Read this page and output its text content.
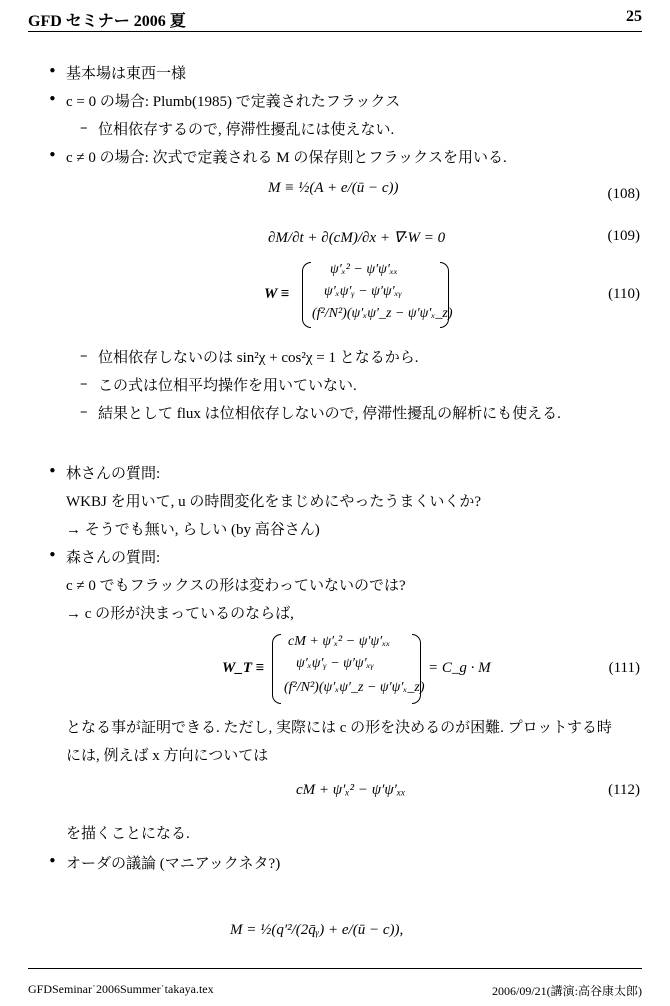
GFD セミナー 2006 夏	25
• 基本場は東西一様
• c = 0 の場合: Plumb(1985) で定義されたフラックス
– 位相依存するので, 停滞性擾乱には使えない.
• c ≠ 0 の場合: 次式で定義される M の保存則とフラックスを用いる.
M ≡ ½(A + e/(ū − c))	(108)
∂M/∂t + ∂(cM)/∂x + ∇·W = 0	(109)
W ≡
ψ′ₓ² − ψ′ψ′ₓₓ
ψ′ₓψ′ᵧ − ψ′ψ′ₓᵧ
(f²/N²)(ψ′ₓψ′_z − ψ′ψ′ₓ_z)
(110)
– 位相依存しないのは sin²χ + cos²χ = 1 となるから.
– この式は位相平均操作を用いていない.
– 結果として flux は位相依存しないので, 停滞性擾乱の解析にも使える.
• 林さんの質問:
WKBJ を用いて, u の時間変化をまじめにやったうまくいくか?
→ そうでも無い, らしい (by 高谷さん)
• 森さんの質問:
c ≠ 0 でもフラックスの形は変わっていないのでは?
→ c の形が決まっているのならば,
W_T ≡
cM + ψ′ₓ² − ψ′ψ′ₓₓ
ψ′ₓψ′ᵧ − ψ′ψ′ₓᵧ
(f²/N²)(ψ′ₓψ′_z − ψ′ψ′ₓ_z)
= C_g · M	(111)
となる事が証明できる. ただし, 実際には c の形を決めるのが困難. プロットする時
には, 例えば x 方向については
cM + ψ′ₓ² − ψ′ψ′ₓₓ	(112)
を描くことになる.
• オーダの議論 (マニアックネタ?)
M = ½(q′²/(2q̄ᵧ) + e/(ū − c)),
GFDSeminar˙2006Summer˙takaya.tex	2006/09/21(講演:高谷康太郎)
